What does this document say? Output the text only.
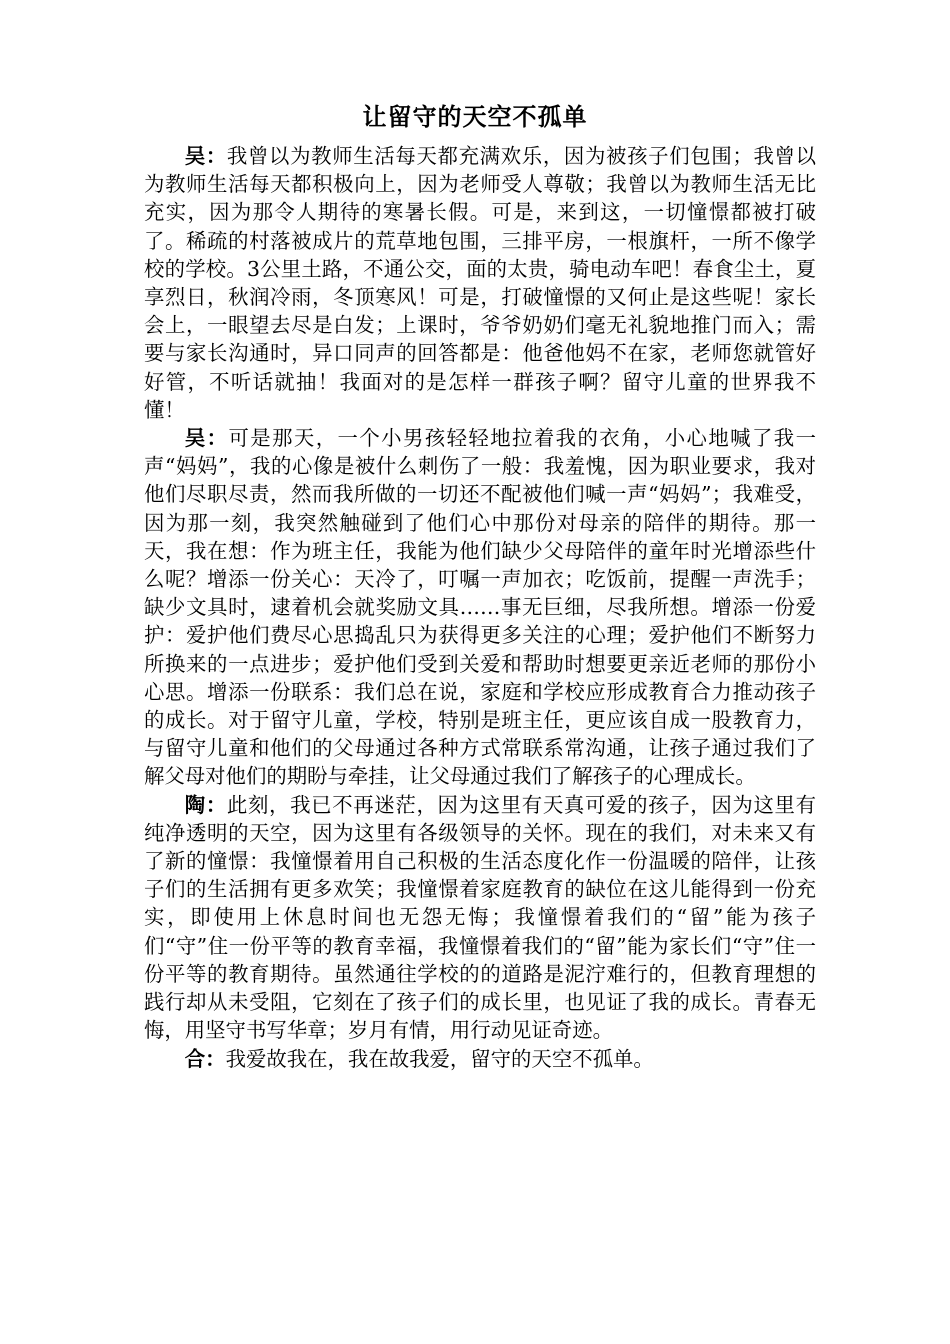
让留守的天空不孤单

吴：我曾以为教师生活每天都充满欢乐，因为被孩子们包围；我曾以为教师生活每天都积极向上，因为老师受人尊敬；我曾以为教师生活无比充实，因为那令人期待的寒暑长假。可是，来到这，一切憧憬都被打破了。稀疏的村落被成片的荒草地包围，三排平房，一根旗杆，一所不像学校的学校。3公里土路，不通公交，面的太贵，骑电动车吧！春食尘土，夏享烈日，秋润冷雨，冬顶寒风！可是，打破憧憬的又何止是这些呢！家长会上，一眼望去尽是白发；上课时，爷爷奶奶们毫无礼貌地推门而入；需要与家长沟通时，异口同声的回答都是：他爸他妈不在家，老师您就管好好管，不听话就抽！我面对的是怎样一群孩子啊？留守儿童的世界我不懂！

吴：可是那天，一个小男孩轻轻地拉着我的衣角，小心地喊了我一声“妈妈”，我的心像是被什么刺伤了一般：我羞愧，因为职业要求，我对他们尽职尽责，然而我所做的一切还不配被他们喊一声“妈妈”；我难受，因为那一刻，我突然触碰到了他们心中那份对母亲的陪伴的期待。那一天，我在想：作为班主任，我能为他们缺少父母陪伴的童年时光增添些什么呢？增添一份关心：天冷了，叮嘱一声加衣；吃饭前，提醒一声洗手；缺少文具时，逮着机会就奖励文具……事无巨细，尽我所想。增添一份爱护：爱护他们费尽心思捣乱只为获得更多关注的心理；爱护他们不断努力所换来的一点进步；爱护他们受到关爱和帮助时想要更亲近老师的那份小心思。增添一份联系：我们总在说，家庭和学校应形成教育合力推动孩子的成长。对于留守儿童，学校，特别是班主任，更应该自成一股教育力，与留守儿童和他们的父母通过各种方式常联系常沟通，让孩子通过我们了解父母对他们的期盼与牵挂，让父母通过我们了解孩子的心理成长。

陶：此刻，我已不再迷茫，因为这里有天真可爱的孩子，因为这里有纯净透明的天空，因为这里有各级领导的关怀。现在的我们，对未来又有了新的憧憬：我憧憬着用自己积极的生活态度化作一份温暖的陪伴，让孩子们的生活拥有更多欢笑；我憧憬着家庭教育的缺位在这儿能得到一份充实，即使用上休息时间也无怨无悔；我憧憬着我们的“留”能为孩子们“守”住一份平等的教育幸福，我憧憬着我们的“留”能为家长们“守”住一份平等的教育期待。虽然通往学校的的道路是泥泞难行的，但教育理想的践行却从未受阻，它刻在了孩子们的成长里，也见证了我的成长。青春无悔，用坚守书写华章；岁月有情，用行动见证奇迹。

合：我爱故我在，我在故我爱，留守的天空不孤单。
